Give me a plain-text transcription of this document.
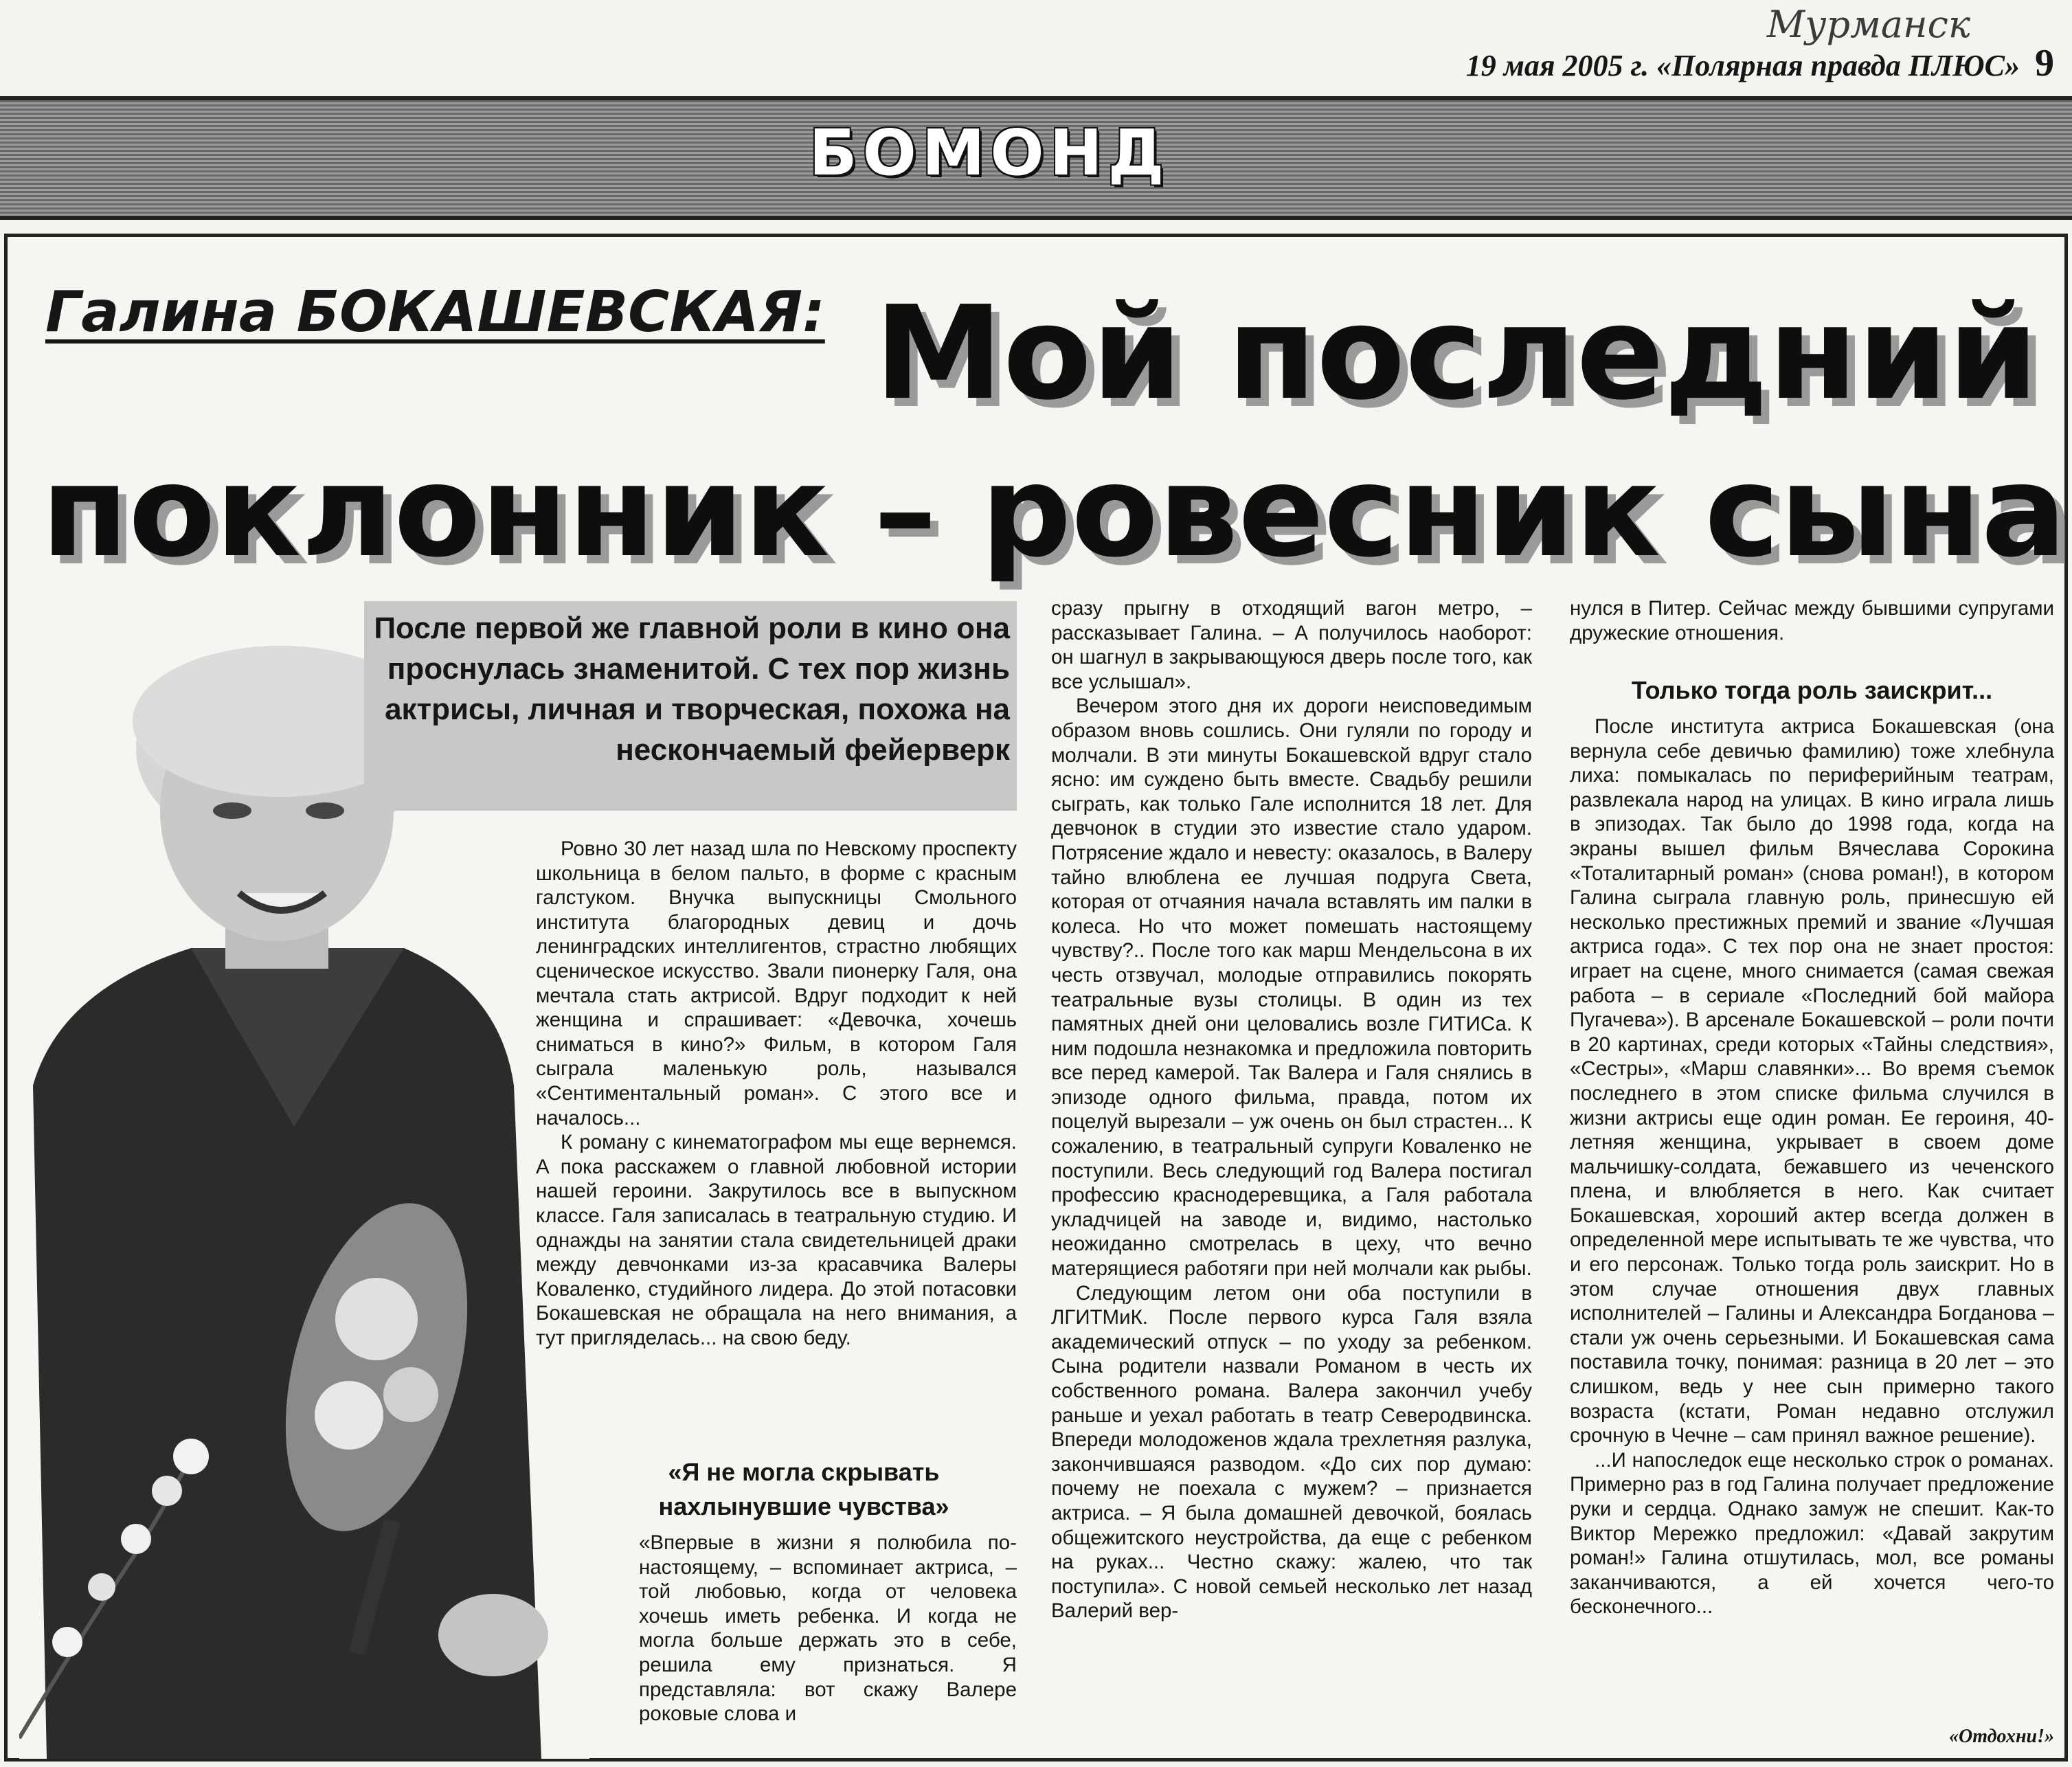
Мурманск
19 мая 2005 г. «Полярная правда ПЛЮС» 9
БОМОНД
Галина БОКАШЕВСКАЯ: Мой последний
поклонник – ровесник сына
После первой же главной роли в кино она проснулась знаменитой. С тех пор жизнь актрисы, личная и творческая, похожа на нескончаемый фейерверк

Ровно 30 лет назад шла по Невскому проспекту школьница в белом пальто, в форме с красным галстуком. Внучка выпускницы Смольного института благородных девиц и дочь ленинградских интеллигентов, страстно любящих сценическое искусство. Звали пионерку Галя, она мечтала стать актрисой. Вдруг подходит к ней женщина и спрашивает: «Девочка, хочешь сниматься в кино?» Фильм, в котором Галя сыграла маленькую роль, назывался «Сентиментальный роман». С этого все и началось...

К роману с кинематографом мы еще вернемся. А пока расскажем о главной любовной истории нашей героини. Закрутилось все в выпускном классе. Галя записалась в театральную студию. И однажды на занятии стала свидетельницей драки между девчонками из-за красавчика Валеры Коваленко, студийного лидера. До этой потасовки Бокашевская не обращала на него внимания, а тут пригляделась... на свою беду.

«Я не могла скрывать нахлынувшие чувства»

«Впервые в жизни я полюбила по-настоящему, – вспоминает актриса, – той любовью, когда от человека хочешь иметь ребенка. И когда не могла больше держать это в себе, решила ему признаться. Я представляла: вот скажу Валере роковые слова и

сразу прыгну в отходящий вагон метро, – рассказывает Галина. – А получилось наоборот: он шагнул в закрывающуюся дверь после того, как все услышал».

Вечером этого дня их дороги неисповедимым образом вновь сошлись. Они гуляли по городу и молчали. В эти минуты Бокашевской вдруг стало ясно: им суждено быть вместе. Свадьбу решили сыграть, как только Гале исполнится 18 лет. Для девчонок в студии это известие стало ударом. Потрясение ждало и невесту: оказалось, в Валеру тайно влюблена ее лучшая подруга Света, которая от отчаяния начала вставлять им палки в колеса. Но что может помешать настоящему чувству?.. После того как марш Мендельсона в их честь отзвучал, молодые отправились покорять театральные вузы столицы. В один из тех памятных дней они целовались возле ГИТИСа. К ним подошла незнакомка и предложила повторить все перед камерой. Так Валера и Галя снялись в эпизоде одного фильма, правда, потом их поцелуй вырезали – уж очень он был страстен... К сожалению, в театральный супруги Коваленко не поступили. Весь следующий год Валера постигал профессию краснодеревщика, а Галя работала укладчицей на заводе и, видимо, настолько неожиданно смотрелась в цеху, что вечно матерящиеся работяги при ней молчали как рыбы.

Следующим летом они оба поступили в ЛГИТМиК. После первого курса Галя взяла академический отпуск – по уходу за ребенком. Сына родители назвали Романом в честь их собственного романа. Валера закончил учебу раньше и уехал работать в театр Северодвинска. Впереди молодоженов ждала трехлетняя разлука, закончившаяся разводом. «До сих пор думаю: почему не поехала с мужем? – признается актриса. – Я была домашней девочкой, боялась общежитского неустройства, да еще с ребенком на руках... Честно скажу: жалею, что так поступила». С новой семьей несколько лет назад Валерий вер-

нулся в Питер. Сейчас между бывшими супругами дружеские отношения.

Только тогда роль заискрит...

После института актриса Бокашевская (она вернула себе девичью фамилию) тоже хлебнула лиха: помыкалась по периферийным театрам, развлекала народ на улицах. В кино играла лишь в эпизодах. Так было до 1998 года, когда на экраны вышел фильм Вячеслава Сорокина «Тоталитарный роман» (снова роман!), в котором Галина сыграла главную роль, принесшую ей несколько престижных премий и звание «Лучшая актриса года». С тех пор она не знает простоя: играет на сцене, много снимается (самая свежая работа – в сериале «Последний бой майора Пугачева»). В арсенале Бокашевской – роли почти в 20 картинах, среди которых «Тайны следствия», «Сестры», «Марш славянки»... Во время съемок последнего в этом списке фильма случился в жизни актрисы еще один роман. Ее героиня, 40-летняя женщина, укрывает в своем доме мальчишку-солдата, бежавшего из чеченского плена, и влюбляется в него. Как считает Бокашевская, хороший актер всегда должен в определенной мере испытывать те же чувства, что и его персонаж. Только тогда роль заискрит. Но в этом случае отношения двух главных исполнителей – Галины и Александра Богданова – стали уж очень серьезными. И Бокашевская сама поставила точку, понимая: разница в 20 лет – это слишком, ведь у нее сын примерно такого возраста (кстати, Роман недавно отслужил срочную в Чечне – сам принял важное решение).

...И напоследок еще несколько строк о романах. Примерно раз в год Галина получает предложение руки и сердца. Однако замуж не спешит. Как-то Виктор Мережко предложил: «Давай закрутим роман!» Галина отшутилась, мол, все романы заканчиваются, а ей хочется чего-то бесконечного...

«Отдохни!»
